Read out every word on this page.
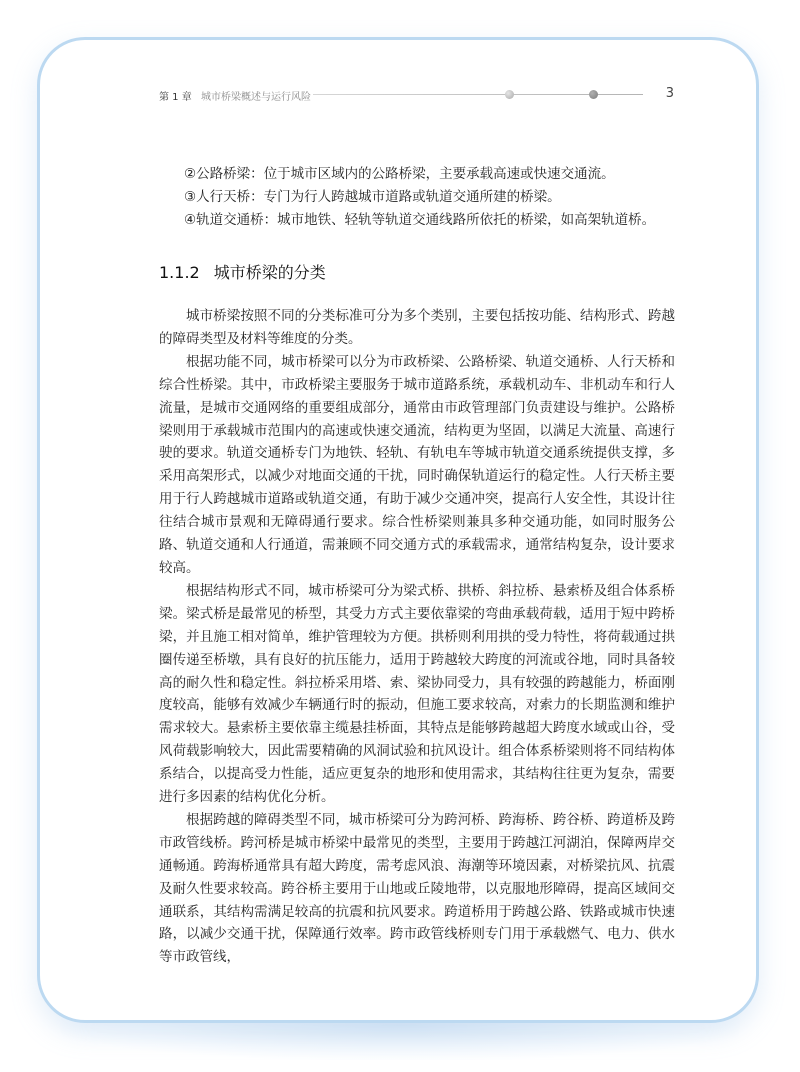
第 1 章 城市桥梁概述与运行风险	3
②公路桥梁：位于城市区域内的公路桥梁，主要承载高速或快速交通流。
③人行天桥：专门为行人跨越城市道路或轨道交通所建的桥梁。
④轨道交通桥：城市地铁、轻轨等轨道交通线路所依托的桥梁，如高架轨道桥。
1.1.2 城市桥梁的分类

城市桥梁按照不同的分类标准可分为多个类别，主要包括按功能、结构形式、跨越的障碍类型及材料等维度的分类。

根据功能不同，城市桥梁可以分为市政桥梁、公路桥梁、轨道交通桥、人行天桥和综合性桥梁。其中，市政桥梁主要服务于城市道路系统，承载机动车、非机动车和行人流量，是城市交通网络的重要组成部分，通常由市政管理部门负责建设与维护。公路桥梁则用于承载城市范围内的高速或快速交通流，结构更为坚固，以满足大流量、高速行驶的要求。轨道交通桥专门为地铁、轻轨、有轨电车等城市轨道交通系统提供支撑，多采用高架形式，以减少对地面交通的干扰，同时确保轨道运行的稳定性。人行天桥主要用于行人跨越城市道路或轨道交通，有助于减少交通冲突，提高行人安全性，其设计往往结合城市景观和无障碍通行要求。综合性桥梁则兼具多种交通功能，如同时服务公路、轨道交通和人行通道，需兼顾不同交通方式的承载需求，通常结构复杂，设计要求较高。

根据结构形式不同，城市桥梁可分为梁式桥、拱桥、斜拉桥、悬索桥及组合体系桥梁。梁式桥是最常见的桥型，其受力方式主要依靠梁的弯曲承载荷载，适用于短中跨桥梁，并且施工相对简单，维护管理较为方便。拱桥则利用拱的受力特性，将荷载通过拱圈传递至桥墩，具有良好的抗压能力，适用于跨越较大跨度的河流或谷地，同时具备较高的耐久性和稳定性。斜拉桥采用塔、索、梁协同受力，具有较强的跨越能力，桥面刚度较高，能够有效减少车辆通行时的振动，但施工要求较高，对索力的长期监测和维护需求较大。悬索桥主要依靠主缆悬挂桥面，其特点是能够跨越超大跨度水域或山谷，受风荷载影响较大，因此需要精确的风洞试验和抗风设计。组合体系桥梁则将不同结构体系结合，以提高受力性能，适应更复杂的地形和使用需求，其结构往往更为复杂，需要进行多因素的结构优化分析。

根据跨越的障碍类型不同，城市桥梁可分为跨河桥、跨海桥、跨谷桥、跨道桥及跨市政管线桥。跨河桥是城市桥梁中最常见的类型，主要用于跨越江河湖泊，保障两岸交通畅通。跨海桥通常具有超大跨度，需考虑风浪、海潮等环境因素，对桥梁抗风、抗震及耐久性要求较高。跨谷桥主要用于山地或丘陵地带，以克服地形障碍，提高区域间交通联系，其结构需满足较高的抗震和抗风要求。跨道桥用于跨越公路、铁路或城市快速路，以减少交通干扰，保障通行效率。跨市政管线桥则专门用于承载燃气、电力、供水等市政管线，
